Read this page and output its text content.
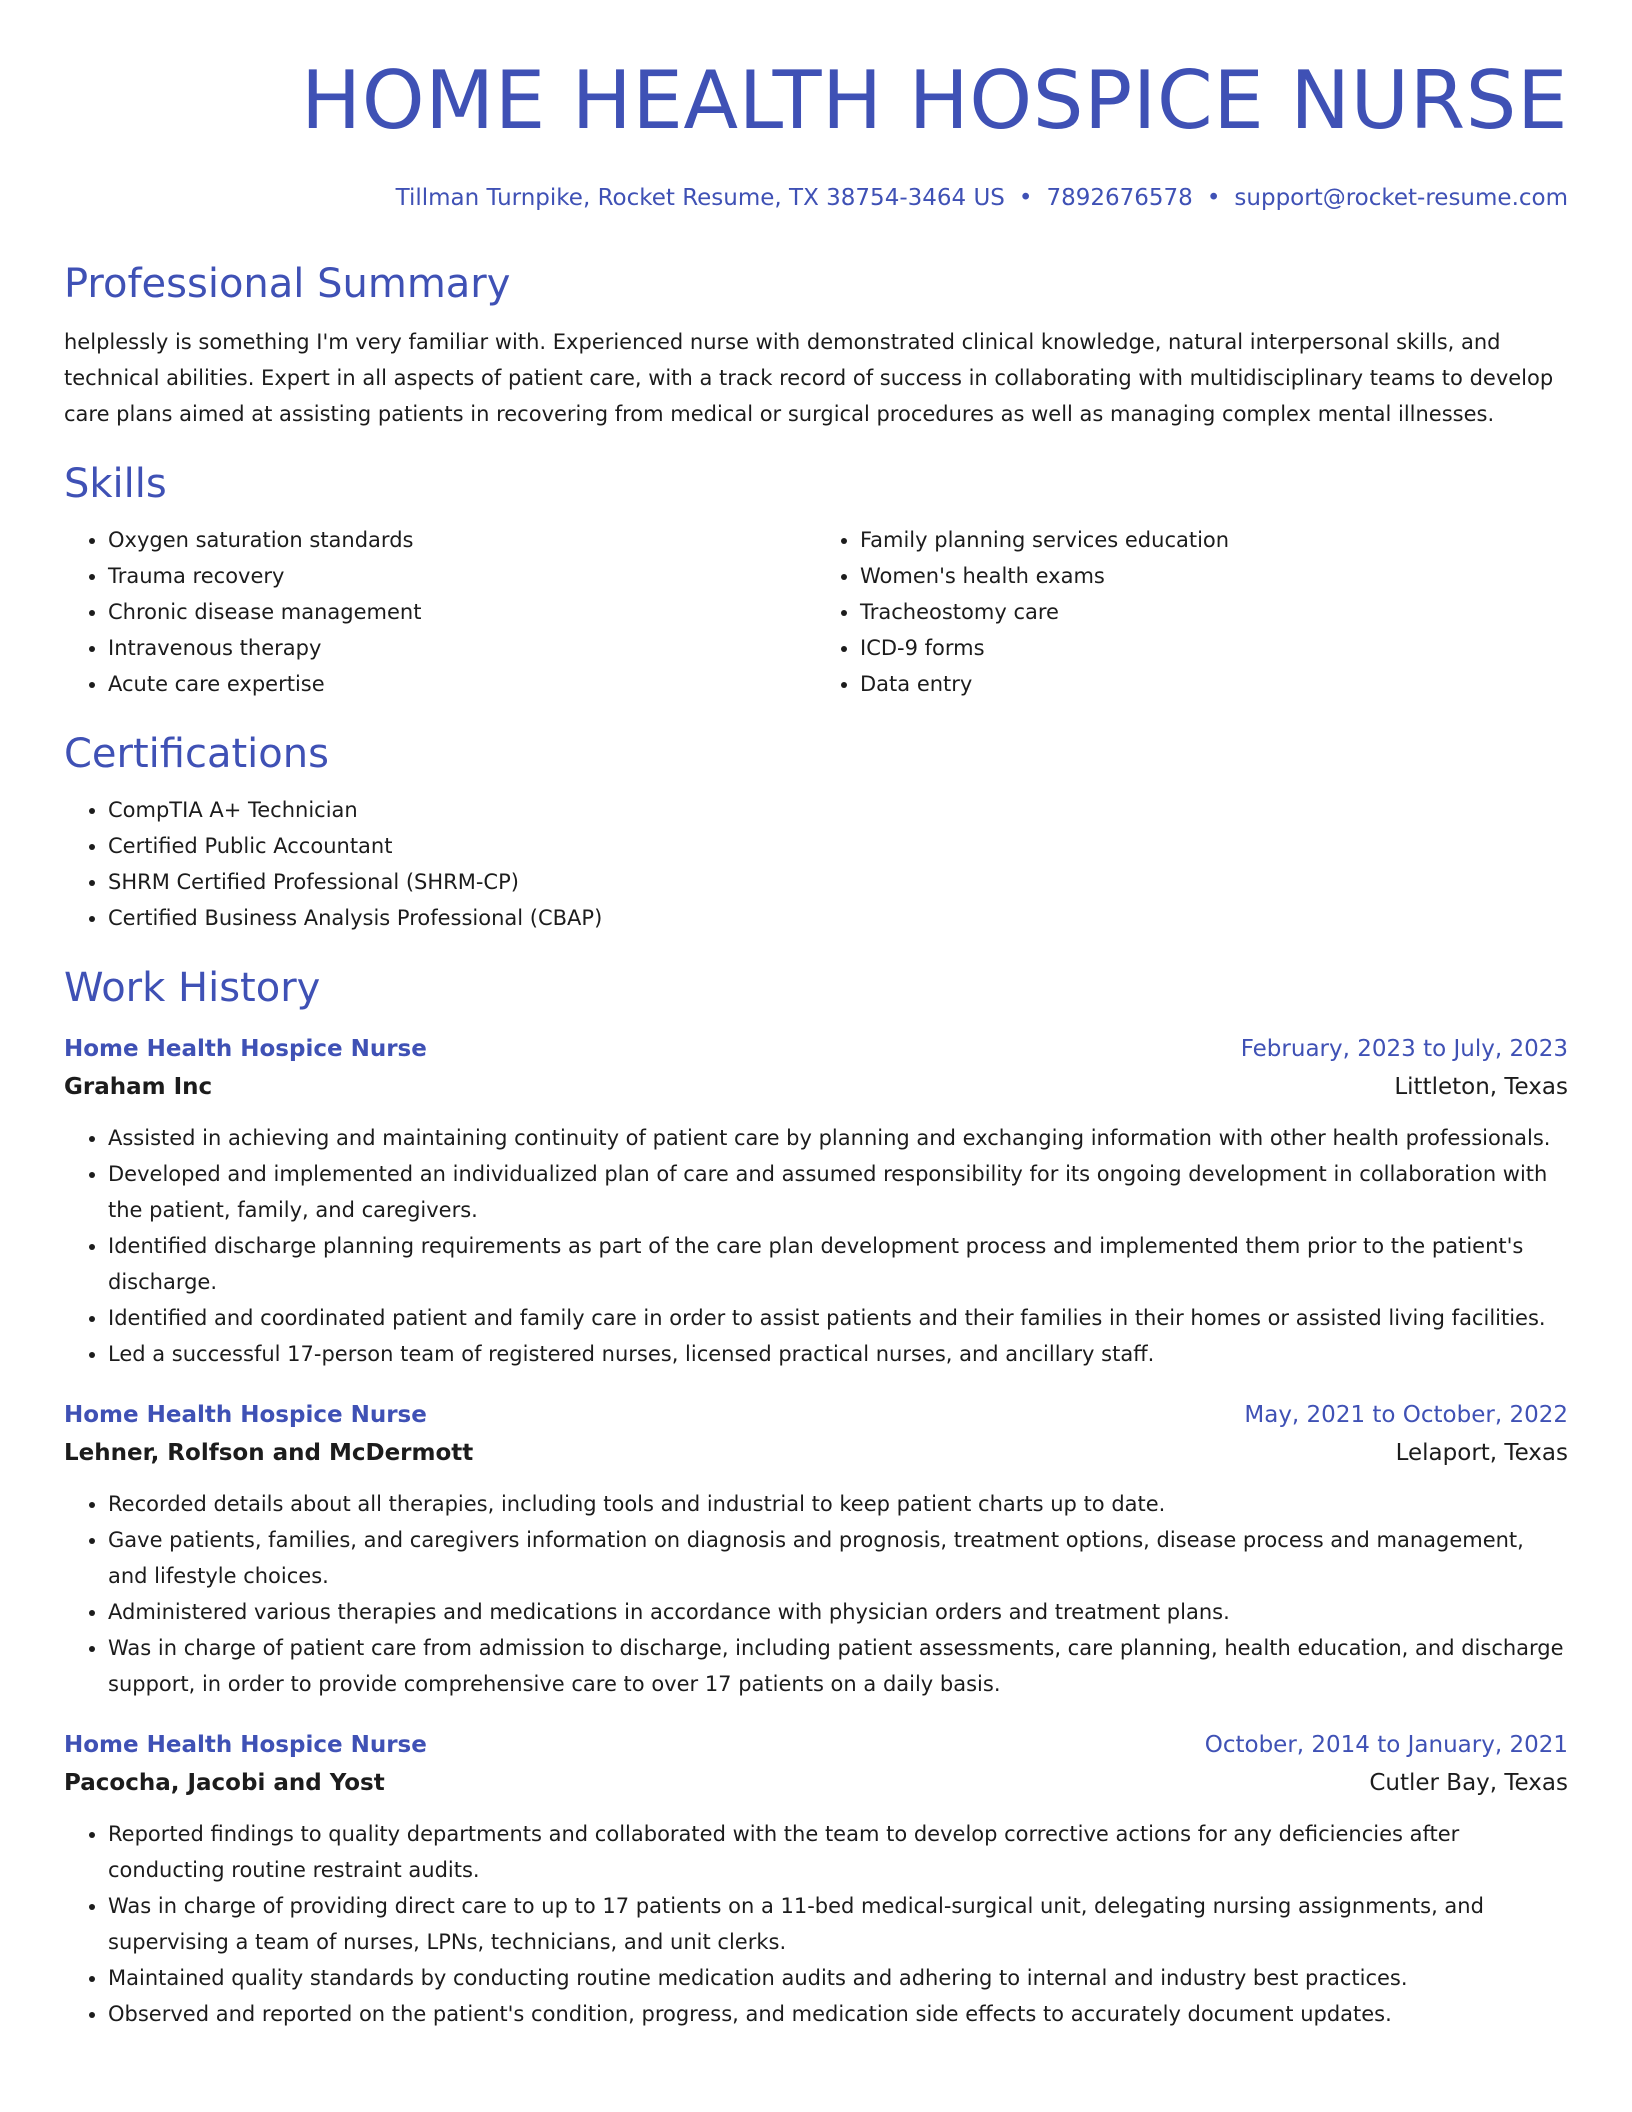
HOME HEALTH HOSPICE NURSE
Tillman Turnpike, Rocket Resume, TX 38754-3464 US • 7892676578 • support@rocket-resume.com
Professional Summary

helplessly is something I'm very familiar with. Experienced nurse with demonstrated clinical knowledge, natural interpersonal skills, and technical abilities. Expert in all aspects of patient care, with a track record of success in collaborating with multidisciplinary teams to develop care plans aimed at assisting patients in recovering from medical or surgical procedures as well as managing complex mental illnesses.

Skills
• Oxygen saturation standards
• Trauma recovery
• Chronic disease management
• Intravenous therapy
• Acute care expertise
• Family planning services education
• Women's health exams
• Tracheostomy care
• ICD-9 forms
• Data entry
Certifications
• CompTIA A+ Technician
• Certified Public Accountant
• SHRM Certified Professional (SHRM-CP)
• Certified Business Analysis Professional (CBAP)
Work History
Home Health Hospice Nurse	February, 2023 to July, 2023
Graham Inc	Littleton, Texas
• Assisted in achieving and maintaining continuity of patient care by planning and exchanging information with other health professionals.
• Developed and implemented an individualized plan of care and assumed responsibility for its ongoing development in collaboration with the patient, family, and caregivers.
• Identified discharge planning requirements as part of the care plan development process and implemented them prior to the patient's discharge.
• Identified and coordinated patient and family care in order to assist patients and their families in their homes or assisted living facilities.
• Led a successful 17-person team of registered nurses, licensed practical nurses, and ancillary staff.
Home Health Hospice Nurse	May, 2021 to October, 2022
Lehner, Rolfson and McDermott	Lelaport, Texas
• Recorded details about all therapies, including tools and industrial to keep patient charts up to date.
• Gave patients, families, and caregivers information on diagnosis and prognosis, treatment options, disease process and management, and lifestyle choices.
• Administered various therapies and medications in accordance with physician orders and treatment plans.
• Was in charge of patient care from admission to discharge, including patient assessments, care planning, health education, and discharge support, in order to provide comprehensive care to over 17 patients on a daily basis.
Home Health Hospice Nurse	October, 2014 to January, 2021
Pacocha, Jacobi and Yost	Cutler Bay, Texas
• Reported findings to quality departments and collaborated with the team to develop corrective actions for any deficiencies after conducting routine restraint audits.
• Was in charge of providing direct care to up to 17 patients on a 11-bed medical-surgical unit, delegating nursing assignments, and supervising a team of nurses, LPNs, technicians, and unit clerks.
• Maintained quality standards by conducting routine medication audits and adhering to internal and industry best practices.
• Observed and reported on the patient's condition, progress, and medication side effects to accurately document updates.
